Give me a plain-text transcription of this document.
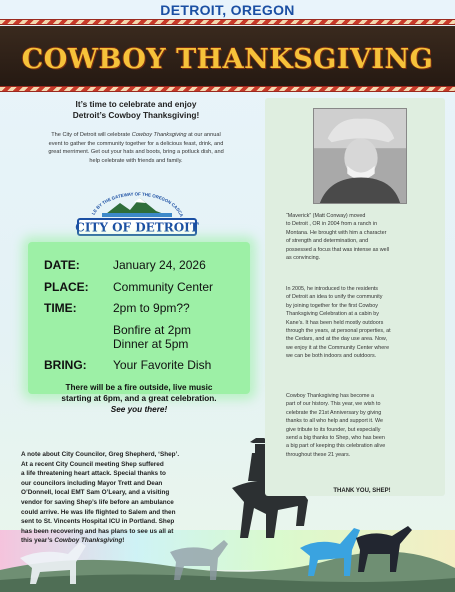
DETROIT, OREGON
COWBOY THANKSGIVING
It’s time to celebrate and enjoy
Detroit’s Cowboy Thanksgiving!
The City of Detroit will celebrate Cowboy Thanksgiving at our annual
event to gather the community together for a delicious feast, drink, and
great merriment. Get out your hats and boots, bring a potluck dish, and
help celebrate with friends and family.
LE BY THE GATEWAY OF THE OREGON CASCA
CITY OF DETROIT
DATE:	January 24, 2026
PLACE: Community Center
TIME:	2pm to 9pm??
Bonfire at 2pm
Dinner at 5pm
BRING: Your Favorite Dish
There will be a fire outside, live music
starting at 6pm, and a great celebration.
See you there!
A note about City Councilor, Greg Shepherd, ‘Shep’.
At a recent City Council meeting Shep suffered
a life threatening heart attack. Special thanks to
our councilors including Mayor Trett and Dean
O’Donnell, local EMT Sam O’Leary, and a visiting
vendor for saving Shep’s life before an ambulance
could arrive. He was life flighted to Salem and then
sent to St. Vincents Hospital ICU in Portland. Shep
has been recovering and has plans to see us all at
this year’s Cowboy Thanksgiving!
“Maverick” (Matt Conway) moved
to Detroit , OR in 2004 from a ranch in
Montana. He brought with him a character
of strength and determination, and
possessed a focus that was intense as well
as convincing.
In 2005, he introduced to the residents
of Detroit an idea to unify the community
by joining together for the first Cowboy
Thanksgiving Celebration at a cabin by
Kane’s. It has been held mostly outdoors
through the years, at personal properties, at
the Cedars, and at the day use area. Now,
we enjoy it at the Community Center where
we can be both indoors and outdoors.
Cowboy Thanksgiving has become a
part of our history. This year, we wish to
celebrate the 21st Anniversary by giving
thanks to all who help and support it. We
give tribute to its founder, but especially
send a big thanks to Shep, who has been
a big part of keeping this celebration alive
throughout these 21 years.
THANK YOU, SHEP!
